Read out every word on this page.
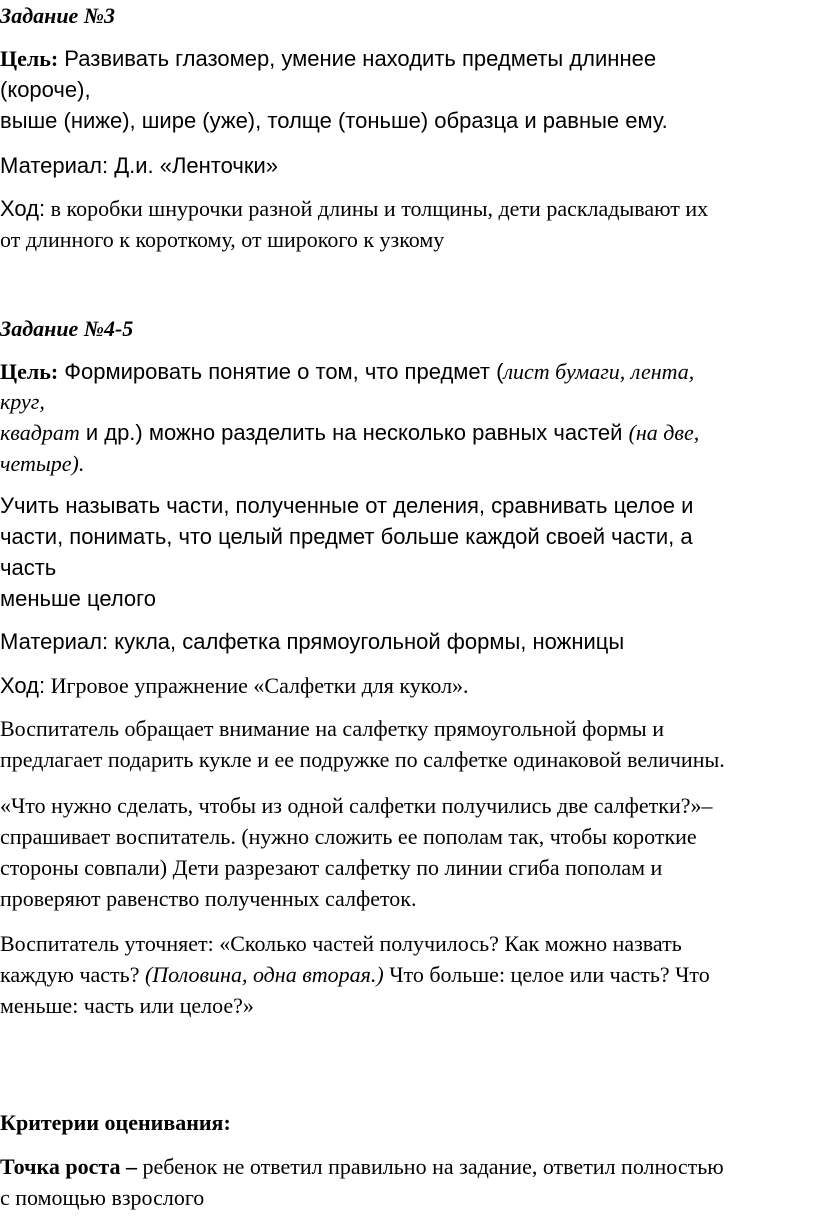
Задание №3
Цель: Развивать глазомер, умение находить предметы длиннее
(короче),
выше (ниже), шире (уже), толще (тоньше) образца и равные ему.
Материал: Д.и. «Ленточки»
Ход: в коробки шнурочки разной длины и толщины, дети раскладывают их
от длинного к короткому, от широкого к узкому
Задание №4-5
Цель: Формировать понятие о том, что предмет (лист бумаги, лента,
круг,
квадрат и др.) можно разделить на несколько равных частей (на две,
четыре).
Учить называть части, полученные от деления, сравнивать целое и
части, понимать, что целый предмет больше каждой своей части, а
часть
меньше целого
Материал: кукла, салфетка прямоугольной формы, ножницы
Ход: Игровое упражнение «Салфетки для кукол».
Воспитатель обращает внимание на салфетку прямоугольной формы и
предлагает подарить кукле и ее подружке по салфетке одинаковой величины.
«Что нужно сделать, чтобы из одной салфетки получились две салфетки?»–
спрашивает воспитатель. (нужно сложить ее пополам так, чтобы короткие
стороны совпали) Дети разрезают салфетку по линии сгиба пополам и
проверяют равенство полученных салфеток.
Воспитатель уточняет: «Сколько частей получилось? Как можно назвать
каждую часть? (Половина, одна вторая.) Что больше: целое или часть? Что
меньше: часть или целое?»
Критерии оценивания:
Точка роста – ребенок не ответил правильно на задание, ответил полностью
с помощью взрослого
